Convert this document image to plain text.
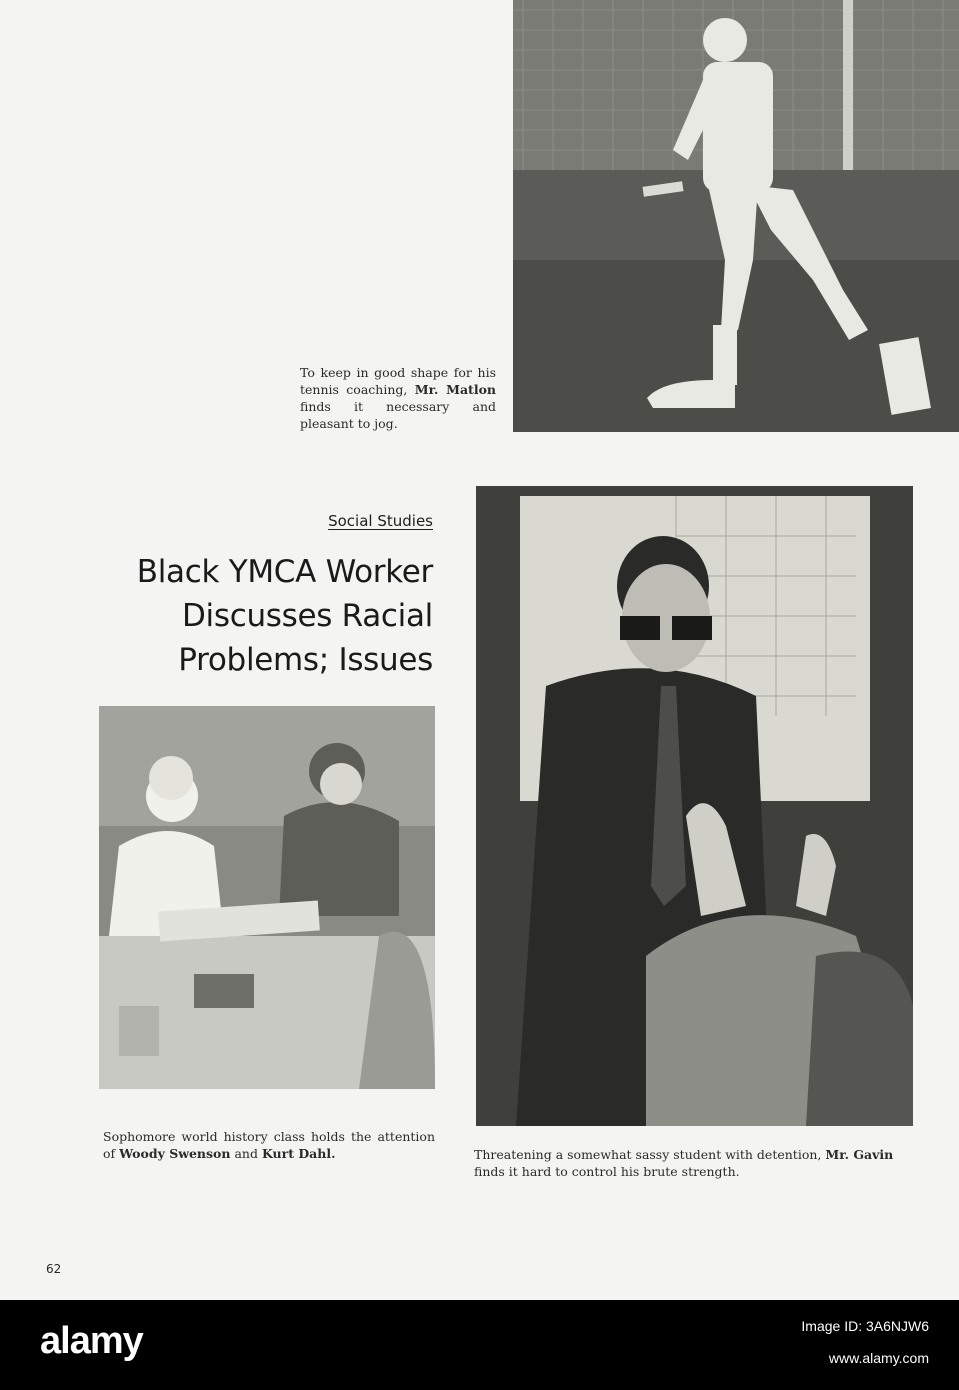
To keep in good shape for his tennis coaching, Mr. Matlon finds it necessary and pleasant to jog.

Social Studies

Black YMCA Worker
Discusses Racial
Problems; Issues

Sophomore world history class holds the attention of Woody Swenson and Kurt Dahl.	Threatening a somewhat sassy student with detention, Mr. Gavin finds it hard to control his brute strength.

62
alamy	Image ID: 3A6NJW6
www.alamy.com
